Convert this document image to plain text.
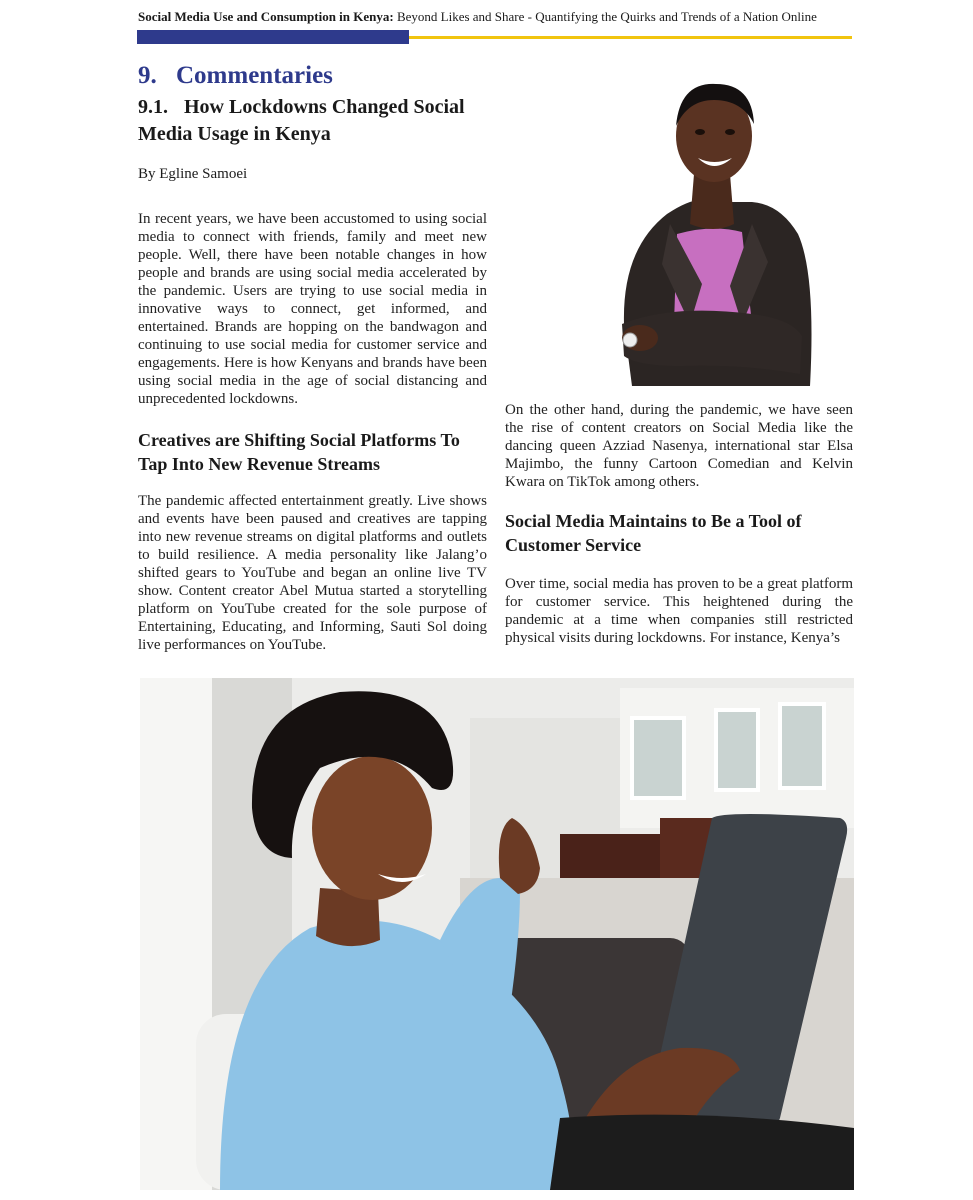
Social Media Use and Consumption in Kenya: Beyond Likes and Share - Quantifying the Quirks and Trends of a Nation Online
9. Commentaries
9.1. How Lockdowns Changed Social Media Usage in Kenya
By Egline Samoei
In recent years, we have been accustomed to using social media to connect with friends, family and meet new people. Well, there have been notable changes in how people and brands are using social media accelerated by the pandemic. Users are trying to use social media in innovative ways to connect, get informed, and entertained. Brands are hopping on the bandwagon and continuing to use social media for customer service and engagements. Here is how Kenyans and brands have been using social media in the age of social distancing and unprecedented lockdowns.
Creatives are Shifting Social Platforms To Tap Into New Revenue Streams
The pandemic affected entertainment greatly. Live shows and events have been paused and creatives are tapping into new revenue streams on digital platforms and outlets to build resilience. A media personality like Jalang’o shifted gears to YouTube and began an online live TV show. Content creator Abel Mutua started a storytelling platform on YouTube created for the sole purpose of Entertaining, Educating, and Informing, Sauti Sol doing live performances on YouTube.
On the other hand, during the pandemic, we have seen the rise of content creators on Social Media like the dancing queen Azziad Nasenya, international star Elsa Majimbo, the funny Cartoon Comedian and Kelvin Kwara on TikTok among others.
Social Media Maintains to Be a Tool of Customer Service
Over time, social media has proven to be a great platform for customer service. This heightened during the pandemic at a time when companies still restricted physical visits during lockdowns. For instance, Kenya’s
